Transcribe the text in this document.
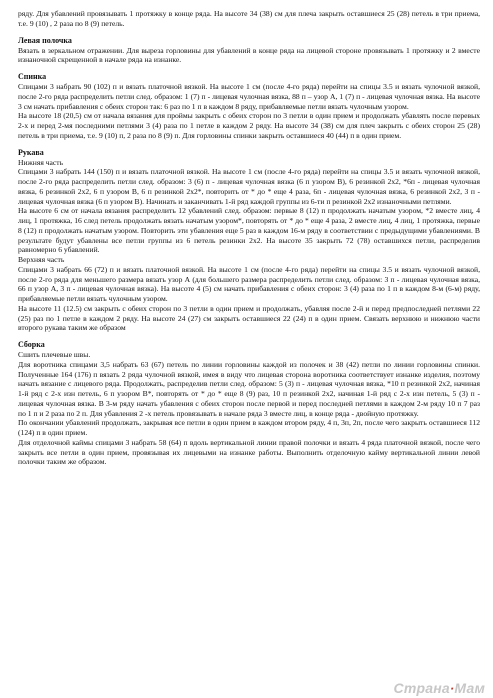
ряду. Для убавлений провязывать 1 протяжку в конце ряда. На высоте 34 (38) см для плеча закрыть оставшиеся 25 (28) петель в три приема, т.е. 9 (10) , 2 раза по 8 (9) петель.

Левая полочка

Вязать в зеркальном отражении. Для выреза горловины для убавлений в конце ряда на лицевой стороне провязывать 1 протяжку и 2 вместе изнаночной скрещенной в начале ряда на изнанке.

Спинка

Спицами 3 набрать 90 (102) п и вязать платочной вязкой. На высоте 1 см (после 4-го ряда) перейти на спицы 3.5 и вязать чулочной вязкой, после 2-го ряда распределить петли след. образом: 1 (7) п - лицевая чулочная вязка, 88 п – узор А, 1 (7) п - лицевая чулочная вязка. На высоте 3 см начать прибавления с обеих сторон так: 6 раз по 1 п в каждом 8 ряду, прибавляемые петли вязать чулочным узором.

На высоте 18 (20,5) см от начала вязания для проймы закрыть с обеих сторон по 3 петли в один прием и продолжать убавлять после перевых 2-х и перед 2-мя последними петлями 3 (4) раза по 1 петле в каждом 2 ряду. На высоте 34 (38) см для плеч закрыть с обеих сторон 25 (28) петель в три приема, т.е. 9 (10) п, 2 раза по 8 (9) п. Для горловины спинки закрыть оставшиеся 40 (44) п в один прием.

Рукава

Нижняя часть

Спицами 3 набрать 144 (150) п и вязать платочной вязкой. На высоте 1 см (после 4-го ряда) перейти на спицы 3.5 и вязать чулочной вязкой, после 2-го ряда распределить петли след. образом: 3 (6) п - лицевая чулочная вязка (6 п узором В), 6 резинкой 2х2, *6п - лицевая чулочная вязка, 6 резинкой 2х2, 6 п узором В, 6 п резинкой 2х2*, повторить от * до * еще 4 раза, 6п - лицевая чулочная вязка, 6 резинкой 2х2, 3 п - лицевая чулочная вязка (6 п узором В). Начинать и заканчивать 1-й ряд каждой группы из 6-ти п резинкой 2х2 изнаночными петлями.

На высоте 6 см от начала вязания распределить 12 убавлений след. образом: первые 8 (12) п продолжать начатым узором, *2 вместе лиц, 4 лиц, 1 протяжка, 16 след петель продолжать вязать начатым узором*, повторять от * до * еще 4 раза, 2 вместе лиц, 4 лиц, 1 протяжка, первые 8 (12) п продолжать начатым узором. Повторить эти убавления еще 5 раз в каждом 16-м ряду в соответствии с предыдущими убавлениями. В результате будут убавлены все петли группы из 6 петель резинки 2х2. На высоте 35 закрыть 72 (78) оставшихся петли, распределив равномерно 6 убавлений.

Верхняя часть

Спицами 3 набрать 66 (72) п и вязать платочной вязкой. На высоте 1 см (после 4-го ряда) перейти на спицы 3.5 и вязать чулочной вязкой, после 2-го ряда для меньшего размера вязать узор А (для большего размера распределить петли след. образом: 3 п - лицевая чулочная вязка, 66 п узор А, 3 п - лицевая чулочная вязка). На высоте 4 (5) см начать прибавления с обеих сторон: 3 (4) раза по 1 п в каждом 8-м (6-м) ряду, прибавляемые петли вязать чулочным узором.

На высоте 11 (12.5) см закрыть с обеих сторон по 3 петли в один прием и продолжать, убавляя после 2-й и перед предпоследней петлями 22 (25) раз по 1 петле в каждом 2 ряду. На высоте 24 (27) см закрыть оставшиеся 22 (24) п в один прием. Связать верхнюю и нижнюю части второго рукава таким же образом

Сборка

Сшить плечевые швы.

Для воротника спицами 3,5 набрать 63 (67) петель по линии горловины каждой из полочек и 38 (42) петли по линии горловины спинки. Полученные 164 (176) п вязать 2 ряда чулочной вязкой, имея в виду что лицевая сторона воротника соответствует изнанке изделия, поэтому начать вязание с лицевого ряда. Продолжать, распределив петли след. образом: 5 (3) п - лицевая чулочная вязка, *10 п резинкой 2х2, начиная 1-й ряд с 2-х изн петель, 6 п узором В*, повторять от * до * еще 8 (9) раз, 10 п резинкой 2х2, начиная 1-й ряд с 2-х изн петель, 5 (3) п - лицевая чулочная вязка. В 3-м ряду начать убавления с обеих сторон после первой и перед последней петлями в каждом 2-м ряду 10 п 7 раз по 1 п и 2 раза по 2 п. Для убавления 2 -х петель провязывать в начале ряда 3 вместе лиц, в конце ряда - двойную протяжку.

По окончании убавлений продолжать, закрывая все петли в один прием в каждом втором ряду, 4 п, 3п, 2п, после чего закрыть оставшиеся 112 (124) п в один прием.

Для отделочной каймы спицами 3 набрать 58 (64) п вдоль вертикальной линии правой полочки и вязать 4 ряда платочной вязкой, после чего закрыть все петли в один прием, провязывая их лицевыми на изнанке работы. Выполнить отделочную кайму вертикальной линии левой полочки таким же образом.

Страна·Мам
